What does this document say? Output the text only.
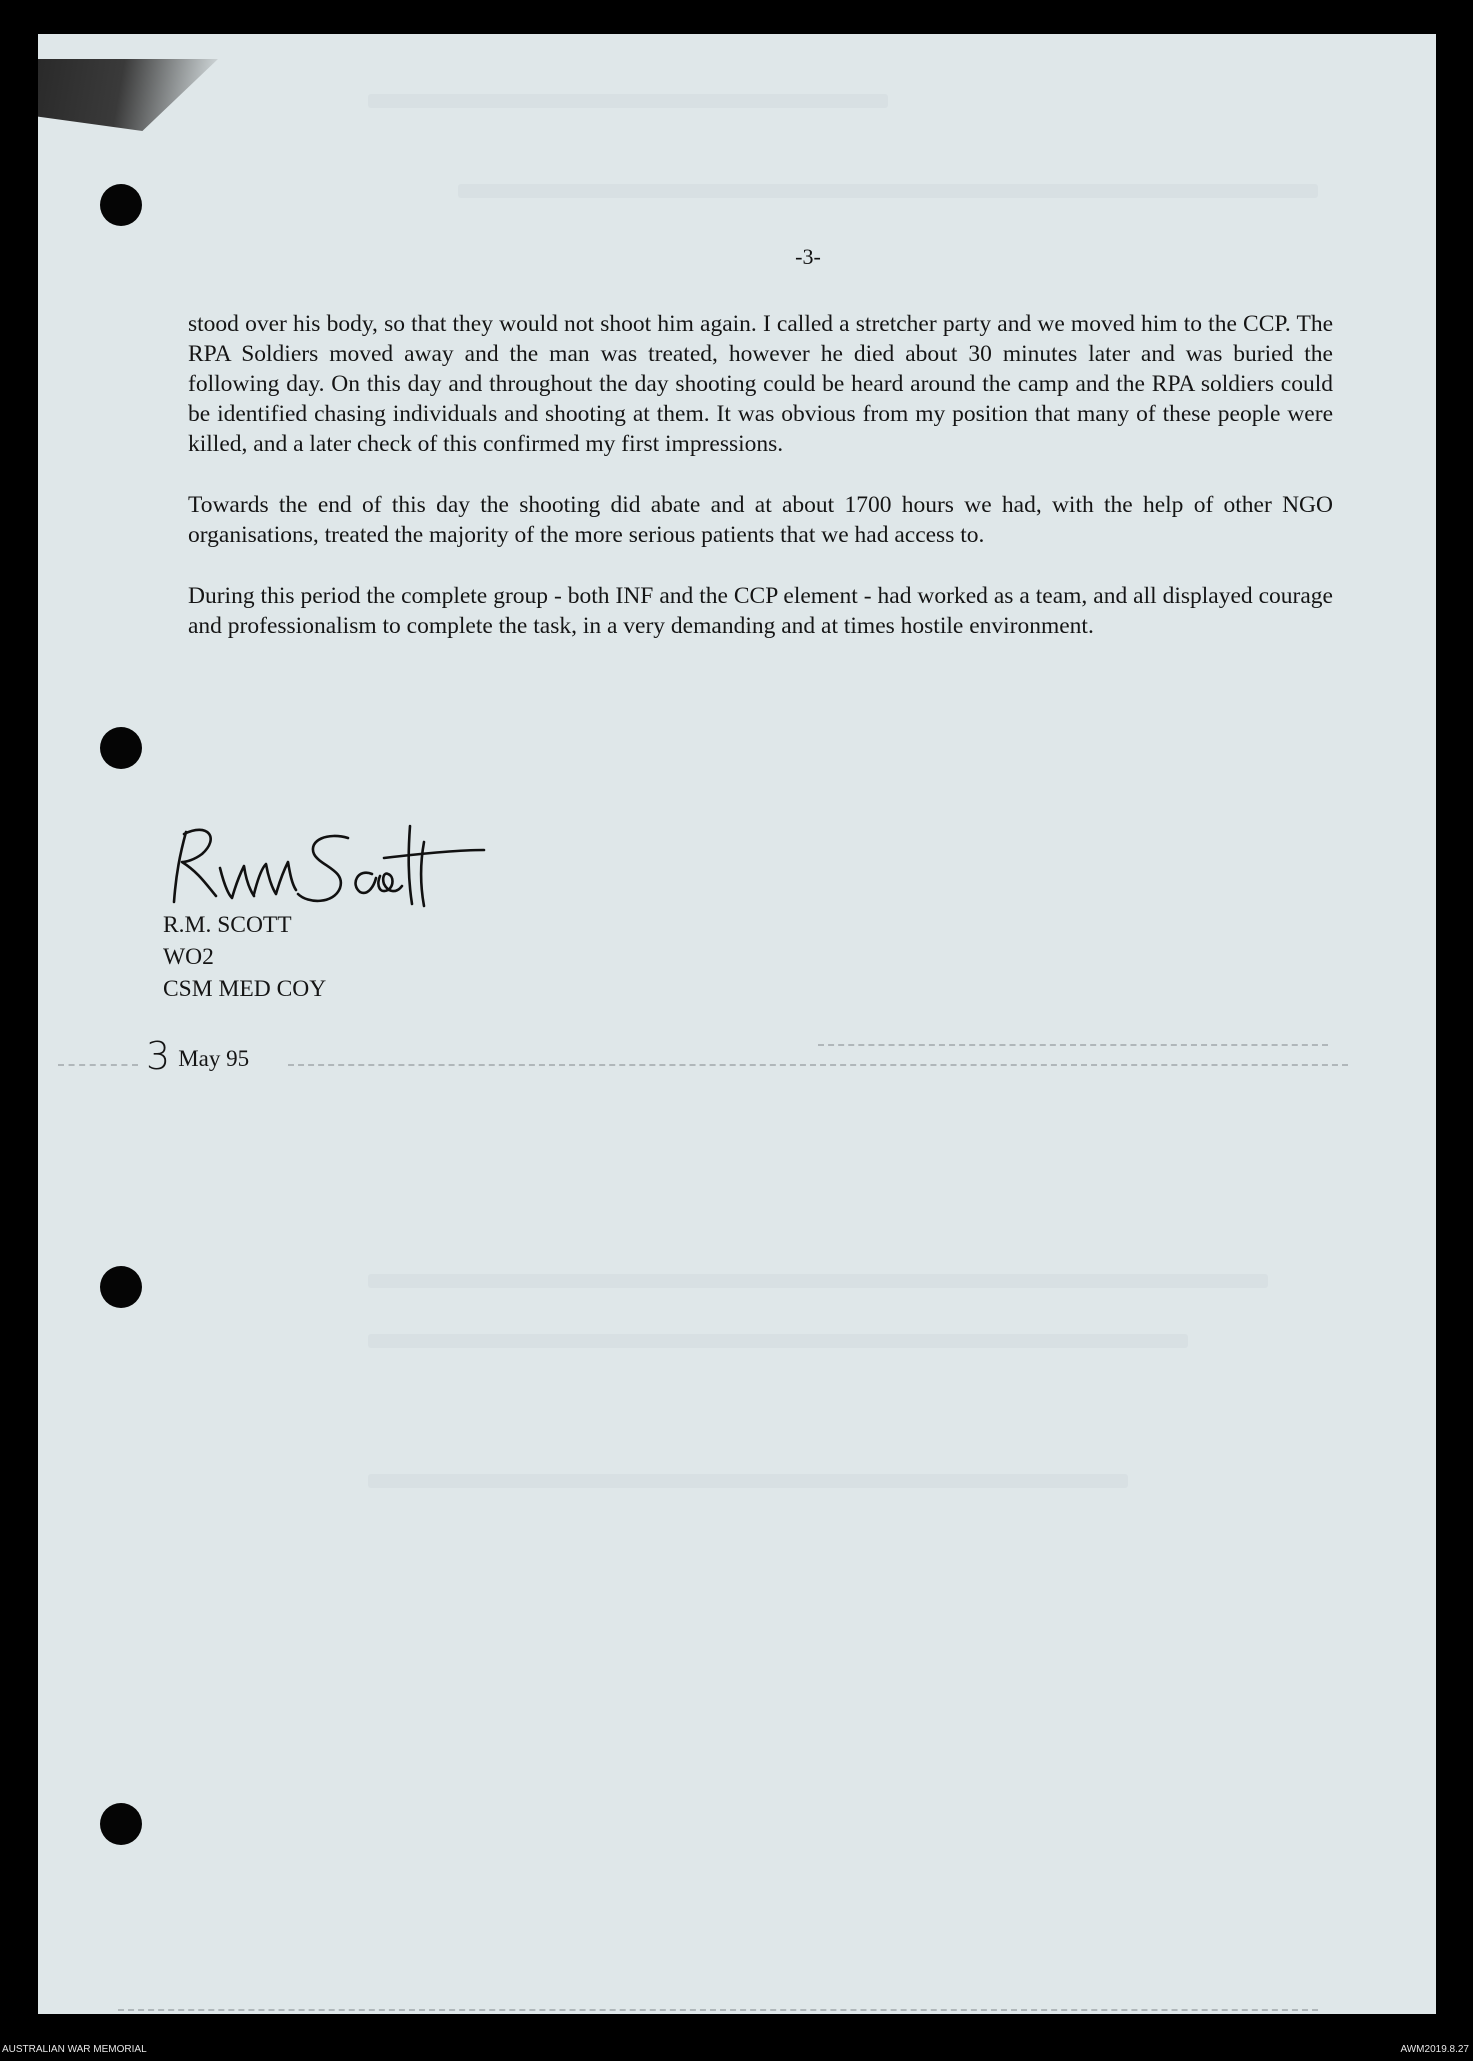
-3-

stood over his body, so that they would not shoot him again. I called a stretcher party and we moved him to the CCP. The RPA Soldiers moved away and the man was treated, however he died about 30 minutes later and was buried the following day. On this day and throughout the day shooting could be heard around the camp and the RPA soldiers could be identified chasing individuals and shooting at them. It was obvious from my position that many of these people were killed, and a later check of this confirmed my first impressions.

Towards the end of this day the shooting did abate and at about 1700 hours we had, with the help of other NGO organisations, treated the majority of the more serious patients that we had access to.

During this period the complete group - both INF and the CCP element - had worked as a team, and all displayed courage and professionalism to complete the task, in a very demanding and at times hostile environment.

R.M. SCOTT
WO2
CSM MED COY
3 May 95
AUSTRALIAN WAR MEMORIAL	AWM2019.8.27
